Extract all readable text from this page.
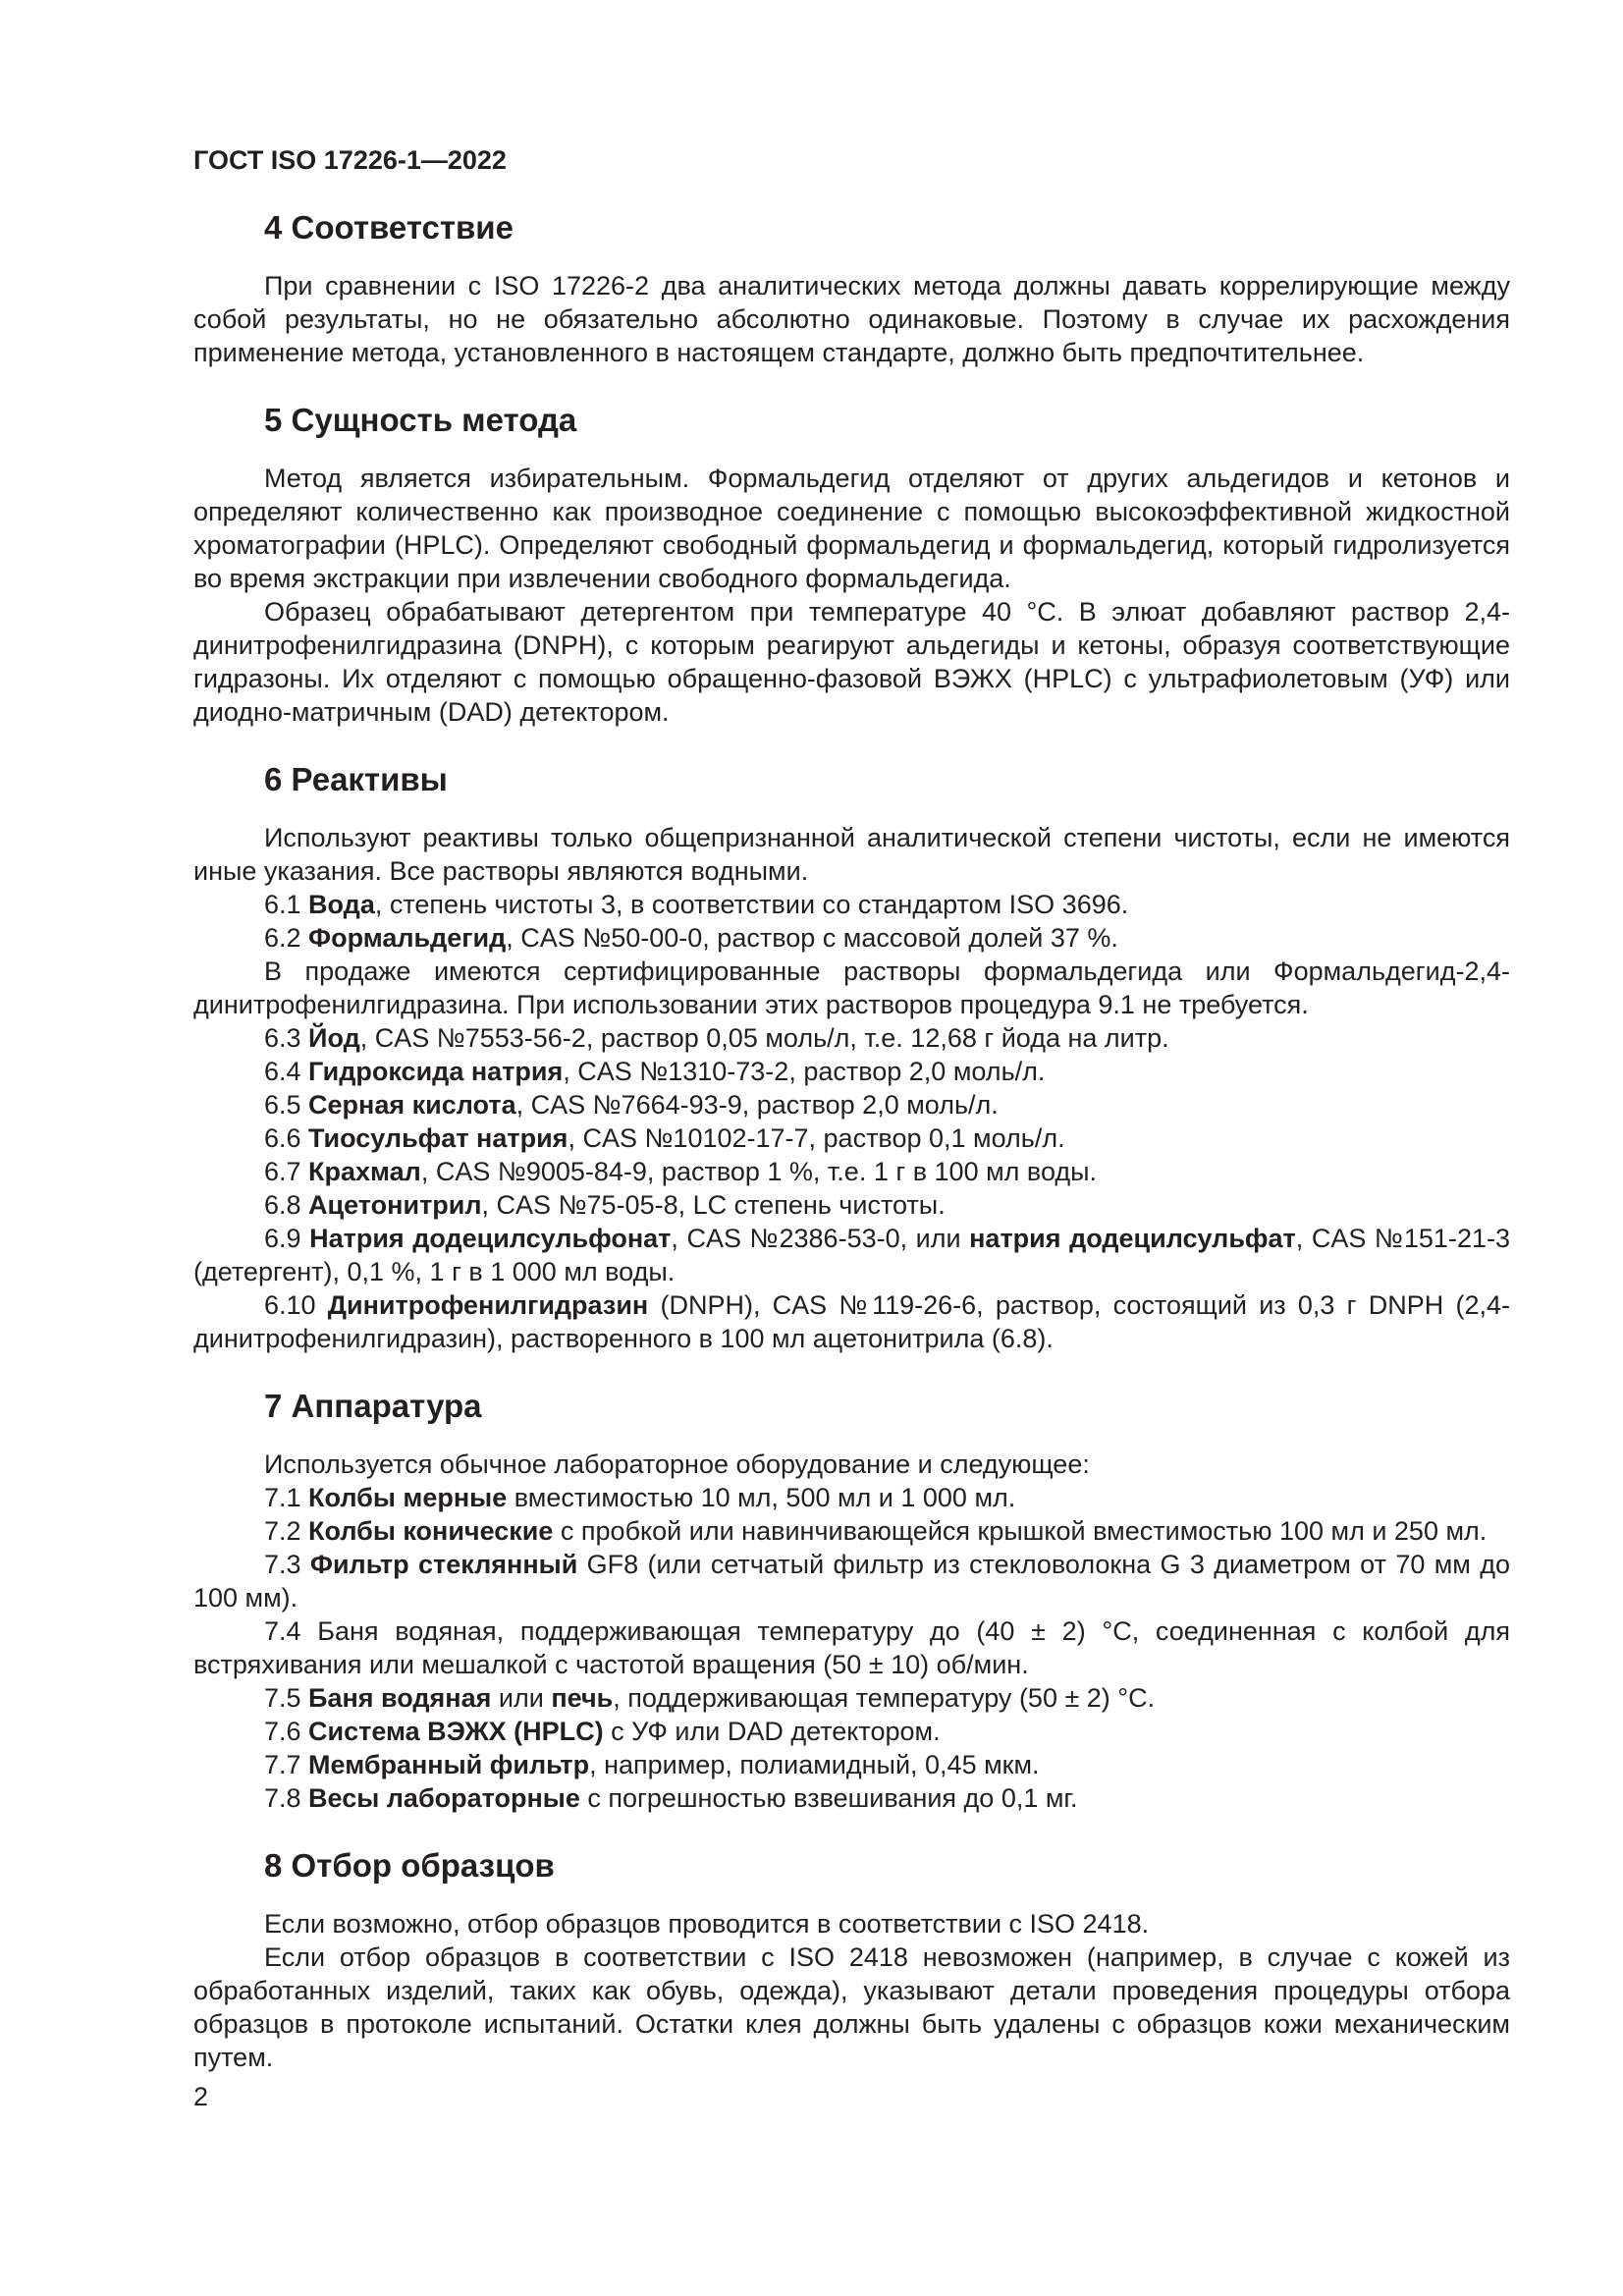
ГОСТ ISO 17226-1—2022
4 Соответствие

При сравнении с ISO 17226-2 два аналитических метода должны давать коррелирующие между собой результаты, но не обязательно абсолютно одинаковые. Поэтому в случае их расхождения применение метода, установленного в настоящем стандарте, должно быть предпочтительнее.

5 Сущность метода

Метод является избирательным. Формальдегид отделяют от других альдегидов и кетонов и определяют количественно как производное соединение с помощью высокоэффективной жидкостной хроматографии (HPLC). Определяют свободный формальдегид и формальдегид, который гидролизуется во время экстракции при извлечении свободного формальдегида.

Образец обрабатывают детергентом при температуре 40 °С. В элюат добавляют раствор 2,4-динитрофенилгидразина (DNPH), с которым реагируют альдегиды и кетоны, образуя соответствующие гидразоны. Их отделяют с помощью обращенно-фазовой ВЭЖХ (HPLC) с ультрафиолетовым (УФ) или диодно-матричным (DAD) детектором.

6 Реактивы

Используют реактивы только общепризнанной аналитической степени чистоты, если не имеются иные указания. Все растворы являются водными.

6.1 Вода, степень чистоты 3, в соответствии со стандартом ISO 3696.

6.2 Формальдегид, CAS №50-00-0, раствор с массовой долей 37 %.

В продаже имеются сертифицированные растворы формальдегида или Формальдегид-2,4-динитрофенилгидразина. При использовании этих растворов процедура 9.1 не требуется.

6.3 Йод, CAS №7553-56-2, раствор 0,05 моль/л, т.е. 12,68 г йода на литр.

6.4 Гидроксида натрия, CAS №1310-73-2, раствор 2,0 моль/л.

6.5 Серная кислота, CAS №7664-93-9, раствор 2,0 моль/л.

6.6 Тиосульфат натрия, CAS №10102-17-7, раствор 0,1 моль/л.

6.7 Крахмал, CAS №9005-84-9, раствор 1 %, т.е. 1 г в 100 мл воды.

6.8 Ацетонитрил, CAS №75-05-8, LC степень чистоты.

6.9 Натрия додецилсульфонат, CAS №2386-53-0, или натрия додецилсульфат, CAS №151-21-3 (детергент), 0,1 %, 1 г в 1 000 мл воды.

6.10 Динитрофенилгидразин (DNPH), CAS №119-26-6, раствор, состоящий из 0,3 г DNPH (2,4-динитрофенилгидразин), растворенного в 100 мл ацетонитрила (6.8).

7 Аппаратура

Используется обычное лабораторное оборудование и следующее:

7.1 Колбы мерные вместимостью 10 мл, 500 мл и 1 000 мл.

7.2 Колбы конические с пробкой или навинчивающейся крышкой вместимостью 100 мл и 250 мл.

7.3 Фильтр стеклянный GF8 (или сетчатый фильтр из стекловолокна G 3 диаметром от 70 мм до 100 мм).

7.4 Баня водяная, поддерживающая температуру до (40 ± 2) °С, соединенная с колбой для встряхивания или мешалкой с частотой вращения (50 ± 10) об/мин.

7.5 Баня водяная или печь, поддерживающая температуру (50 ± 2) °С.

7.6 Система ВЭЖХ (HPLC) с УФ или DAD детектором.

7.7 Мембранный фильтр, например, полиамидный, 0,45 мкм.

7.8 Весы лабораторные с погрешностью взвешивания до 0,1 мг.

8 Отбор образцов

Если возможно, отбор образцов проводится в соответствии с ISO 2418.

Если отбор образцов в соответствии с ISO 2418 невозможен (например, в случае с кожей из обработанных изделий, таких как обувь, одежда), указывают детали проведения процедуры отбора образцов в протоколе испытаний. Остатки клея должны быть удалены с образцов кожи механическим путем.

2
